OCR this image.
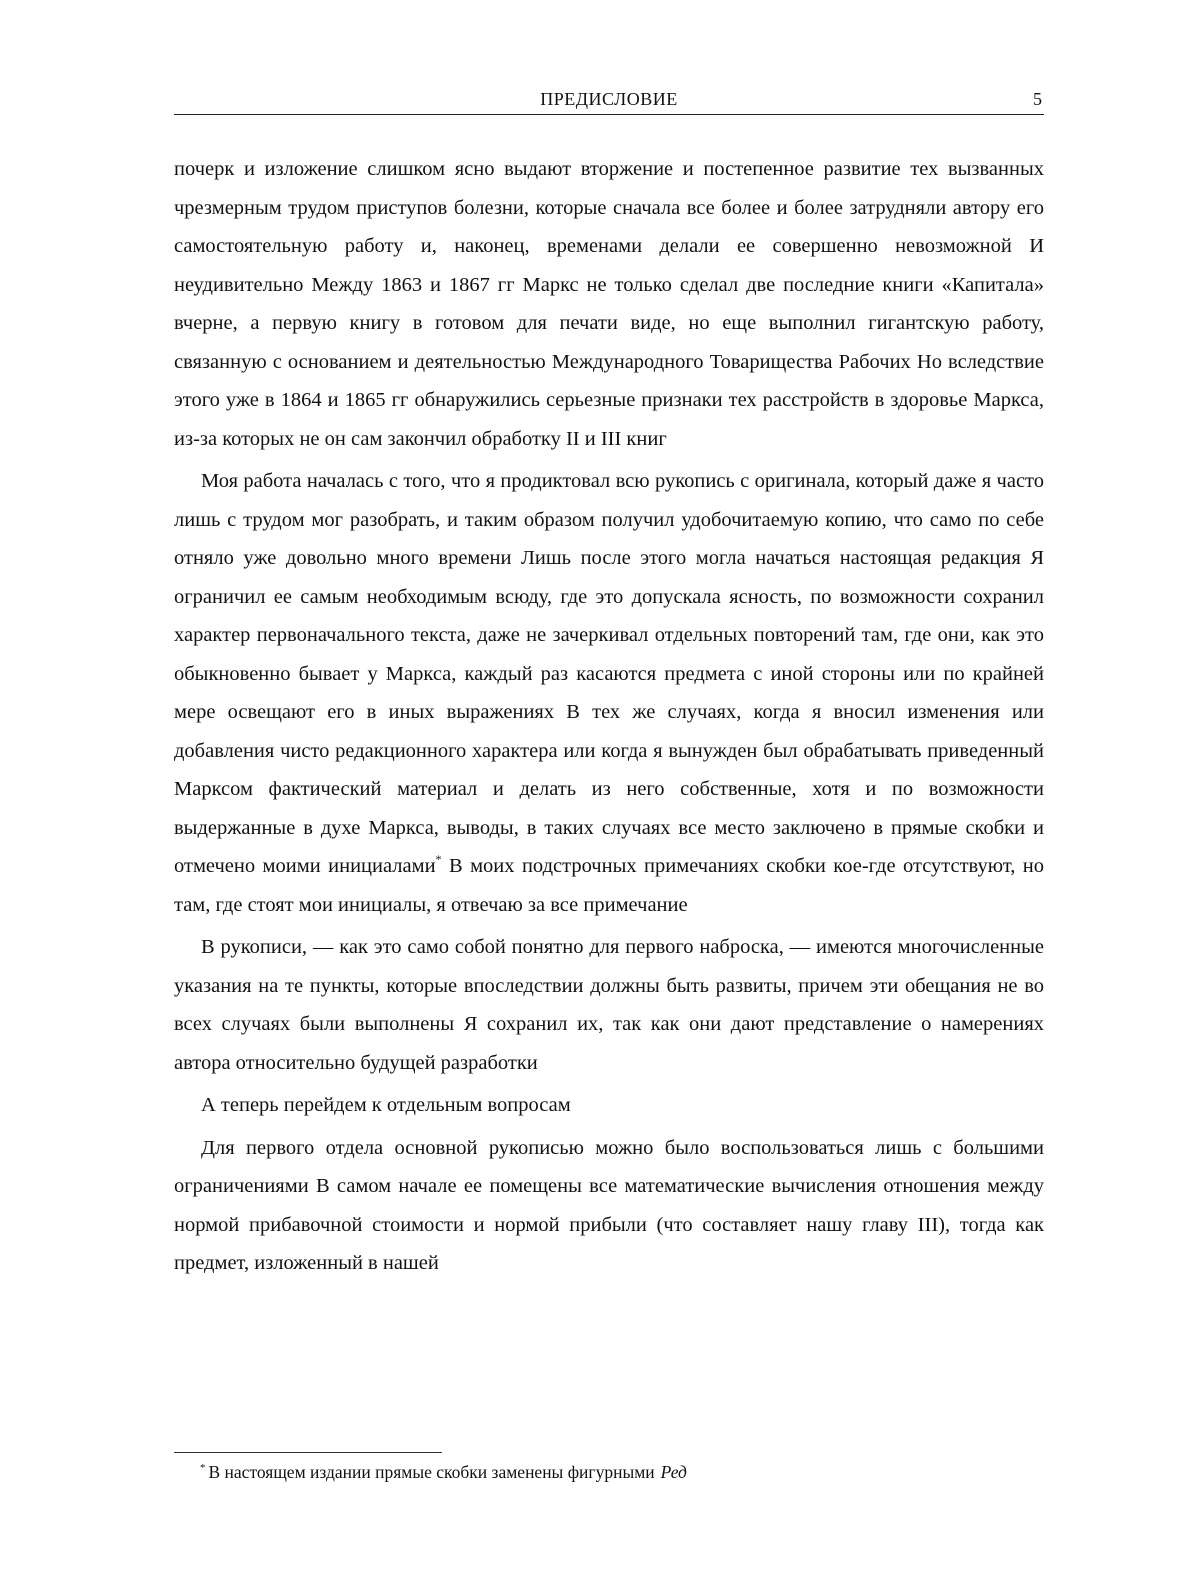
ПРЕДИСЛОВИЕ	5

почерк и изложение слишком ясно выдают вторжение и постепенное развитие тех вызванных чрезмерным трудом приступов болезни, которые сначала все более и более затрудняли автору его самостоятельную работу и, наконец, временами делали ее совершенно невозможной И неудивительно Между 1863 и 1867 гг Маркс не только сделал две последние книги «Капитала» вчерне, а первую книгу в готовом для печати виде, но еще выполнил гигантскую работу, связанную с основанием и деятельностью Международного Товарищества Рабочих Но вследствие этого уже в 1864 и 1865 гг обнаружились серьезные признаки тех расстройств в здоровье Маркса, из-за которых не он сам закончил обработку II и III книг

Моя работа началась с того, что я продиктовал всю рукопись с оригинала, который даже я часто лишь с трудом мог разобрать, и таким образом получил удобочитаемую копию, что само по себе отняло уже довольно много времени Лишь после этого могла начаться настоящая редакция Я ограничил ее самым необходимым всюду, где это допускала ясность, по возможности сохранил характер первоначального текста, даже не зачеркивал отдельных повторений там, где они, как это обыкновенно бывает у Маркса, каждый раз касаются предмета с иной стороны или по крайней мере освещают его в иных выражениях В тех же случаях, когда я вносил изменения или добавления чисто редакционного характера или когда я вынужден был обрабатывать приведенный Марксом фактический материал и делать из него собственные, хотя и по возможности выдержанные в духе Маркса, выводы, в таких случаях все место заключено в прямые скобки и отмечено моими инициалами* В моих подстрочных примечаниях скобки кое-где отсутствуют, но там, где стоят мои инициалы, я отвечаю за все примечание

В рукописи, — как это само собой понятно для первого наброска, — имеются многочисленные указания на те пункты, которые впоследствии должны быть развиты, причем эти обещания не во всех случаях были выполнены Я сохранил их, так как они дают представление о намерениях автора относительно будущей разработки

А теперь перейдем к отдельным вопросам

Для первого отдела основной рукописью можно было воспользоваться лишь с большими ограничениями В самом начале ее помещены все математические вычисления отношения между нормой прибавочной стоимости и нормой прибыли (что составляет нашу главу III), тогда как предмет, изложенный в нашей

* В настоящем издании прямые скобки заменены фигурными Ред
